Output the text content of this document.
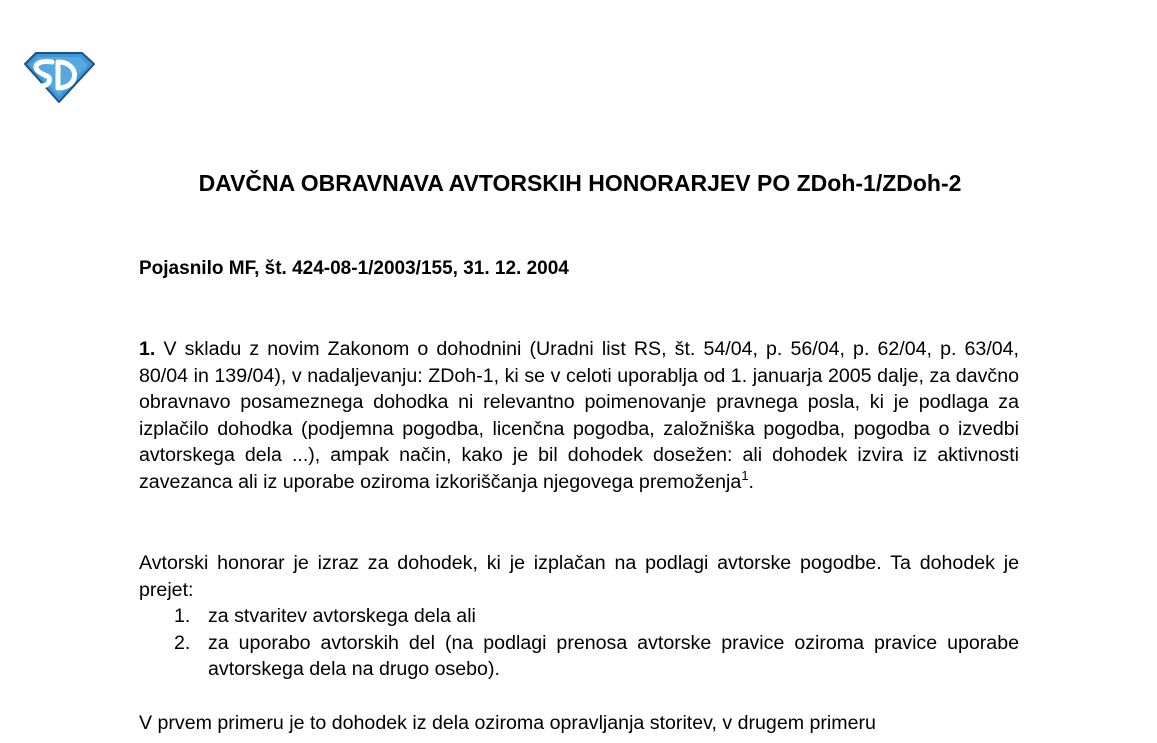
DAVČNA OBRAVNAVA AVTORSKIH HONORARJEV PO ZDoh-1/ZDoh-2

Pojasnilo MF, št. 424-08-1/2003/155, 31. 12. 2004

1. V skladu z novim Zakonom o dohodnini (Uradni list RS, št. 54/04, p. 56/04, p. 62/04, p. 63/04, 80/04 in 139/04), v nadaljevanju: ZDoh-1, ki se v celoti uporablja od 1. januarja 2005 dalje, za davčno obravnavo posameznega dohodka ni relevantno poimenovanje pravnega posla, ki je podlaga za izplačilo dohodka (podjemna pogodba, licenčna pogodba, založniška pogodba, pogodba o izvedbi avtorskega dela ...), ampak način, kako je bil dohodek dosežen: ali dohodek izvira iz aktivnosti zavezanca ali iz uporabe oziroma izkoriščanja njegovega premoženja$^1$.

Avtorski honorar je izraz za dohodek, ki je izplačan na podlagi avtorske pogodbe. Ta dohodek je prejet:

1. za stvaritev avtorskega dela ali
2. za uporabo avtorskih del (na podlagi prenosa avtorske pravice oziroma pravice uporabe avtorskega dela na drugo osebo).

V prvem primeru je to dohodek iz dela oziroma opravljanja storitev, v drugem primeru
